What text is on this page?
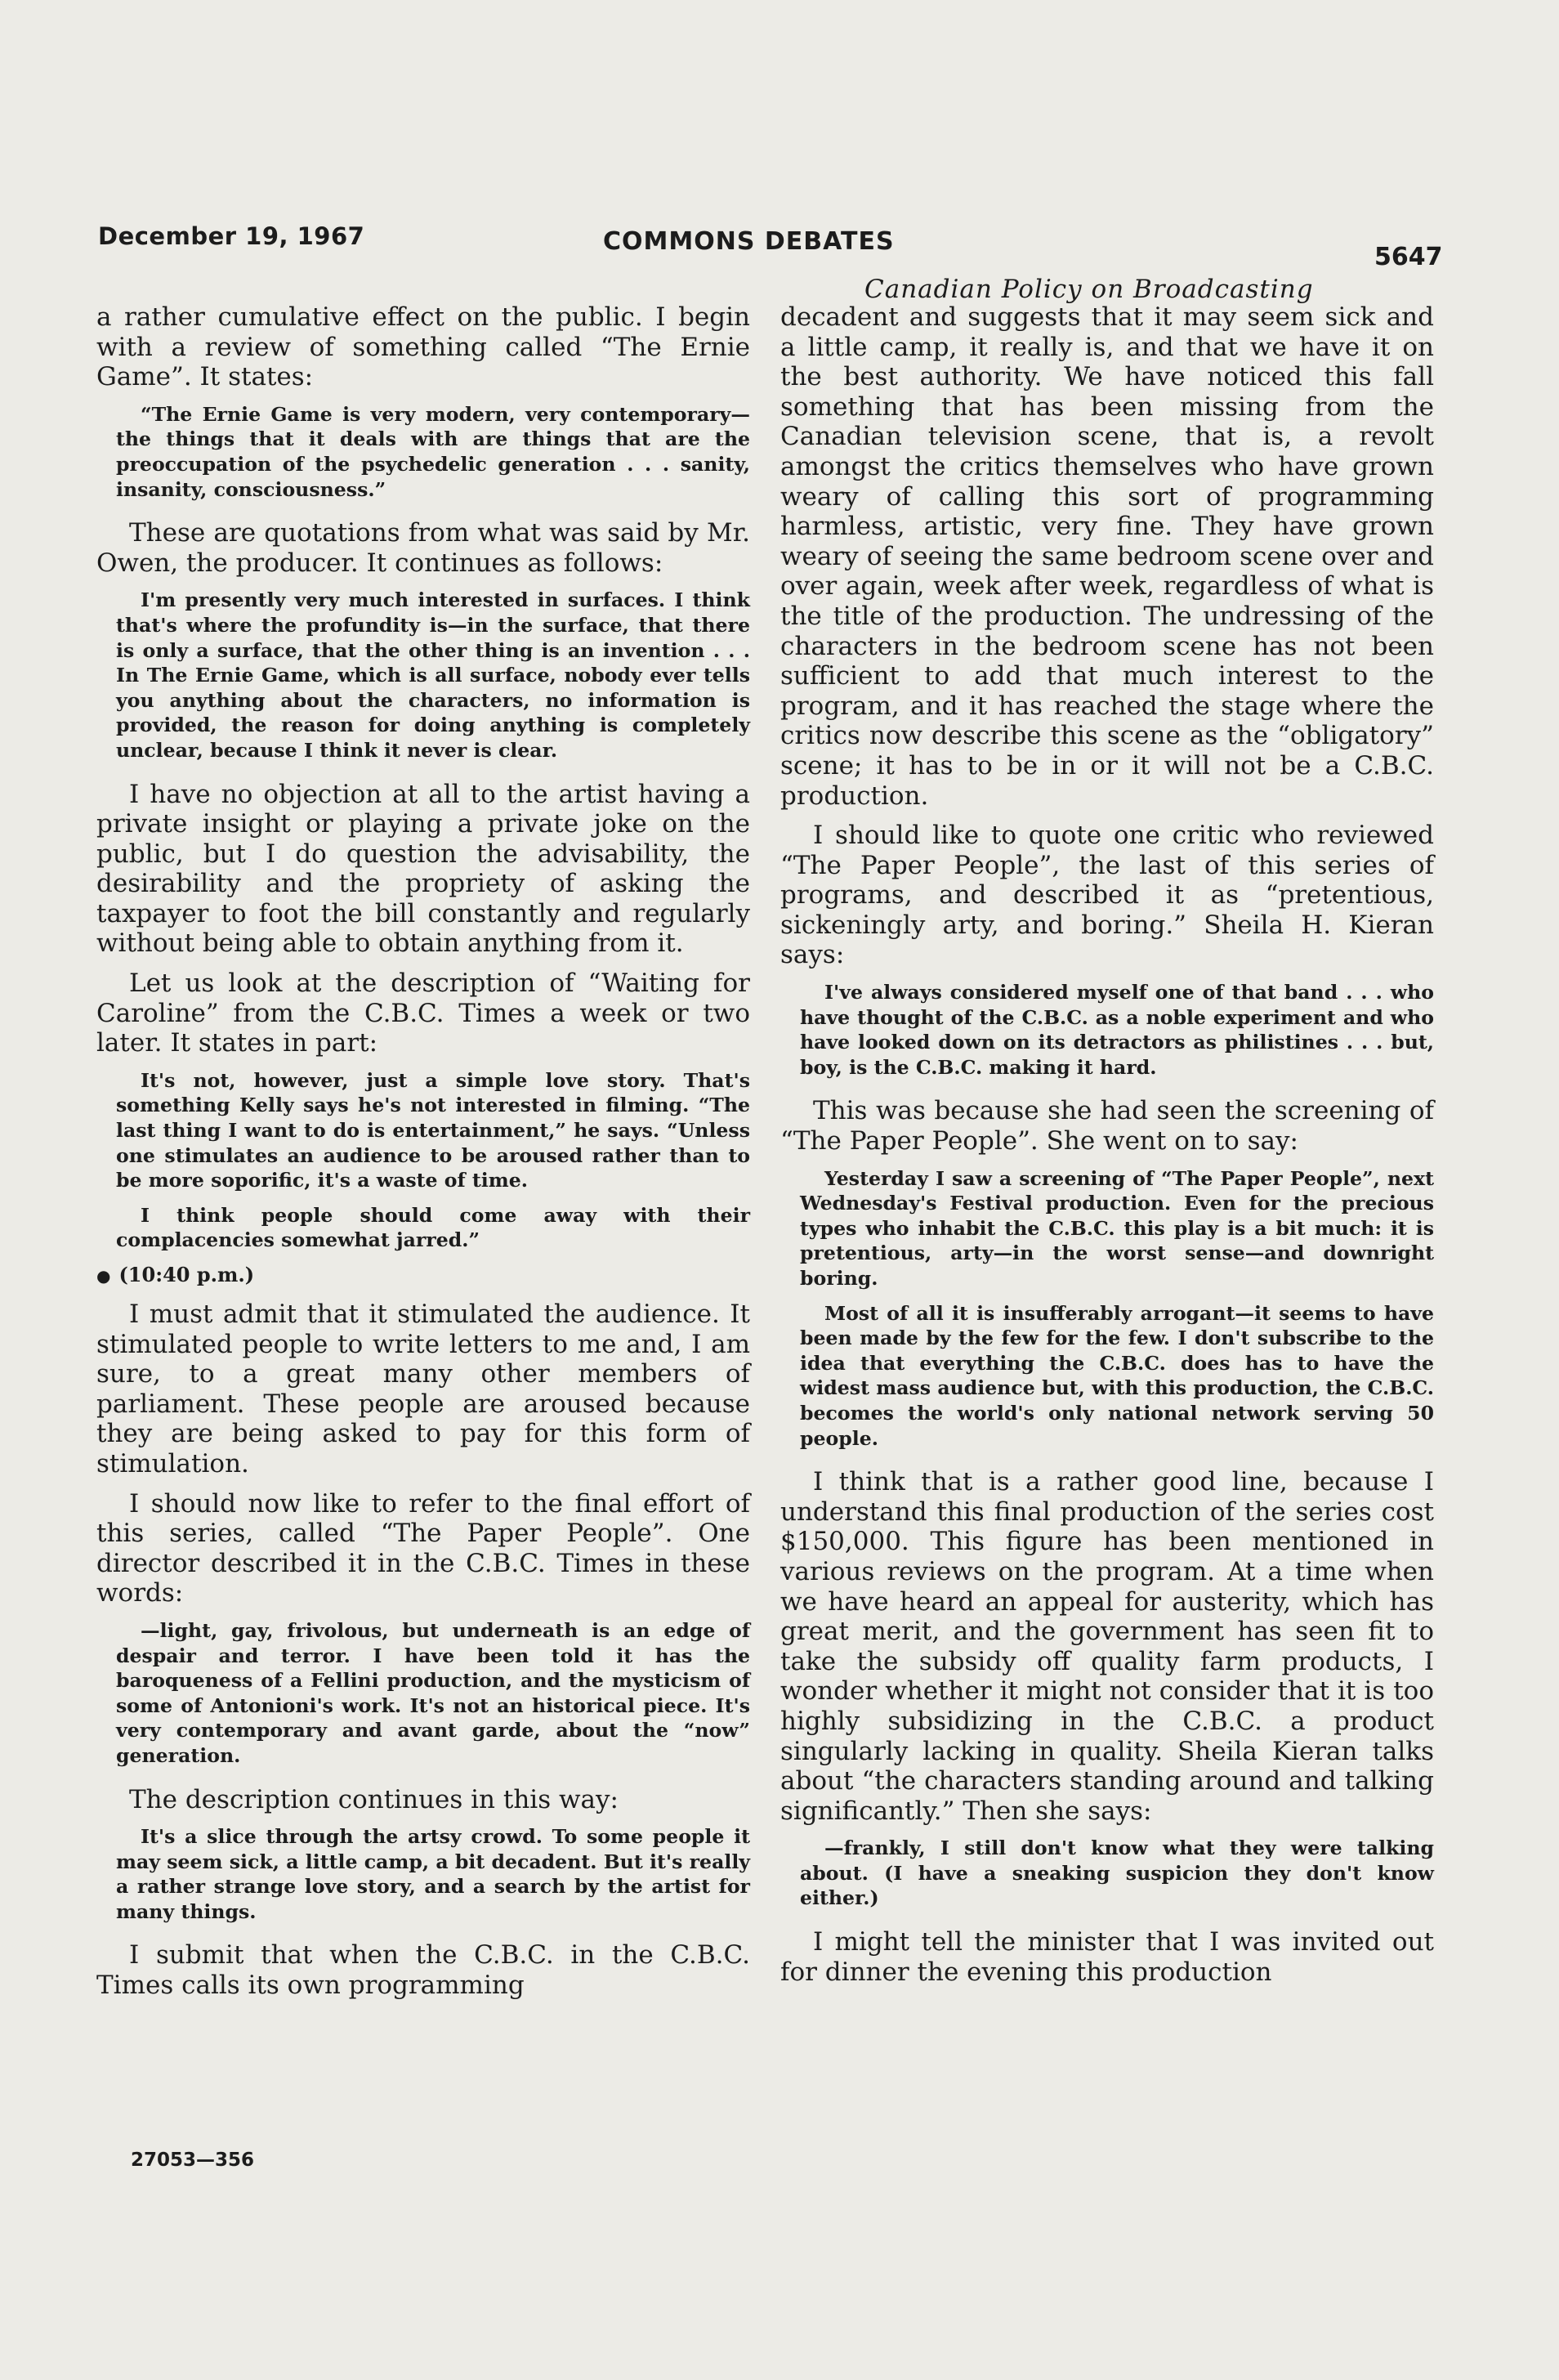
December 19, 1967	COMMONS DEBATES
5647
Canadian Policy on Broadcasting

a rather cumulative effect on the public. I begin with a review of something called “The Ernie Game”. It states:

“The Ernie Game is very modern, very contemporary—the things that it deals with are things that are the preoccupation of the psychedelic generation . . . sanity, insanity, consciousness.”

These are quotations from what was said by Mr. Owen, the producer. It continues as follows:

I'm presently very much interested in surfaces. I think that's where the profundity is—in the surface, that there is only a surface, that the other thing is an invention . . . In The Ernie Game, which is all surface, nobody ever tells you anything about the characters, no information is provided, the reason for doing anything is completely unclear, because I think it never is clear.

I have no objection at all to the artist having a private insight or playing a private joke on the public, but I do question the advisability, the desirability and the propriety of asking the taxpayer to foot the bill constantly and regularly without being able to obtain anything from it.

Let us look at the description of “Waiting for Caroline” from the C.B.C. Times a week or two later. It states in part:

It's not, however, just a simple love story. That's something Kelly says he's not interested in filming. “The last thing I want to do is entertainment,” he says. “Unless one stimulates an audience to be aroused rather than to be more soporific, it's a waste of time.

I think people should come away with their complacencies somewhat jarred.”

● (10:40 p.m.)

I must admit that it stimulated the audience. It stimulated people to write letters to me and, I am sure, to a great many other members of parliament. These people are aroused because they are being asked to pay for this form of stimulation.

I should now like to refer to the final effort of this series, called “The Paper People”. One director described it in the C.B.C. Times in these words:

—light, gay, frivolous, but underneath is an edge of despair and terror. I have been told it has the baroqueness of a Fellini production, and the mysticism of some of Antonioni's work. It's not an historical piece. It's very contemporary and avant garde, about the “now” generation.

The description continues in this way:

It's a slice through the artsy crowd. To some people it may seem sick, a little camp, a bit decadent. But it's really a rather strange love story, and a search by the artist for many things.

I submit that when the C.B.C. in the C.B.C. Times calls its own programming

decadent and suggests that it may seem sick and a little camp, it really is, and that we have it on the best authority. We have noticed this fall something that has been missing from the Canadian television scene, that is, a revolt amongst the critics themselves who have grown weary of calling this sort of programming harmless, artistic, very fine. They have grown weary of seeing the same bedroom scene over and over again, week after week, regardless of what is the title of the production. The undressing of the characters in the bedroom scene has not been sufficient to add that much interest to the program, and it has reached the stage where the critics now describe this scene as the “obligatory” scene; it has to be in or it will not be a C.B.C. production.

I should like to quote one critic who reviewed “The Paper People”, the last of this series of programs, and described it as “pretentious, sickeningly arty, and boring.” Sheila H. Kieran says:

I've always considered myself one of that band . . . who have thought of the C.B.C. as a noble experiment and who have looked down on its detractors as philistines . . . but, boy, is the C.B.C. making it hard.

This was because she had seen the screening of “The Paper People”. She went on to say:

Yesterday I saw a screening of “The Paper People”, next Wednesday's Festival production. Even for the precious types who inhabit the C.B.C. this play is a bit much: it is pretentious, arty—in the worst sense—and downright boring.

Most of all it is insufferably arrogant—it seems to have been made by the few for the few. I don't subscribe to the idea that everything the C.B.C. does has to have the widest mass audience but, with this production, the C.B.C. becomes the world's only national network serving 50 people.

I think that is a rather good line, because I understand this final production of the series cost $150,000. This figure has been mentioned in various reviews on the program. At a time when we have heard an appeal for austerity, which has great merit, and the government has seen fit to take the subsidy off quality farm products, I wonder whether it might not consider that it is too highly subsidizing in the C.B.C. a product singularly lacking in quality. Sheila Kieran talks about “the characters standing around and talking significantly.” Then she says:

—frankly, I still don't know what they were talking about. (I have a sneaking suspicion they don't know either.)

I might tell the minister that I was invited out for dinner the evening this production

27053—356
